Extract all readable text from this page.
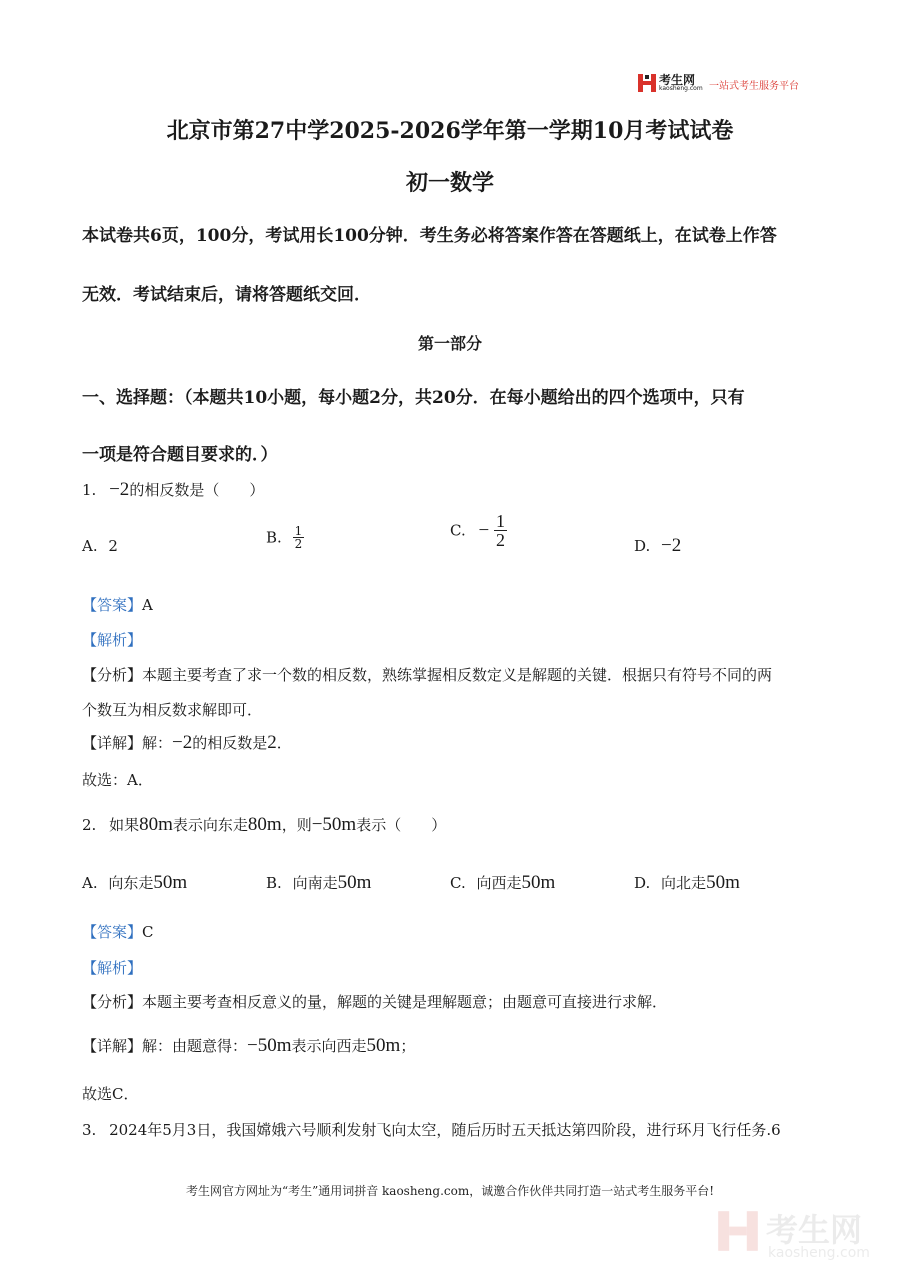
考生网
kaosheng.com 一站式考生服务平台
北京市第27中学2025-2026学年第一学期10月考试试卷
初一数学
本试卷共6页，100分，考试用长100分钟．考生务必将答案作答在答题纸上，在试卷上作答
无效．考试结束后，请将答题纸交回．
第一部分
一、选择题：（本题共10小题，每小题2分，共20分．在每小题给出的四个选项中，只有
一项是符合题目要求的．）
1. −2的相反数是（　　）
A. 2	B. $\frac{1}{2}$	C. − $\frac{1}{2}$	D. −2
【答案】A
【解析】
【分析】本题主要考查了求一个数的相反数，熟练掌握相反数定义是解题的关键．根据只有符号不同的两
个数互为相反数求解即可．
【详解】解：−2的相反数是2．
故选：A．
2. 如果80m表示向东走80m，则−50m表示（　　）
A. 向东走50m	B. 向南走50m	C. 向西走50m	D. 向北走50m
【答案】C
【解析】
【分析】本题主要考查相反意义的量，解题的关键是理解题意；由题意可直接进行求解．
【详解】解：由题意得：−50m表示向西走50m；
故选C．
3. 2024年5月3日，我国嫦娥六号顺利发射飞向太空，随后历时五天抵达第四阶段，进行环月飞行任务.6
考生网官方网址为“考生”通用词拼音 kaosheng.com，诚邀合作伙伴共同打造一站式考生服务平台!
考生网
kaosheng.com
